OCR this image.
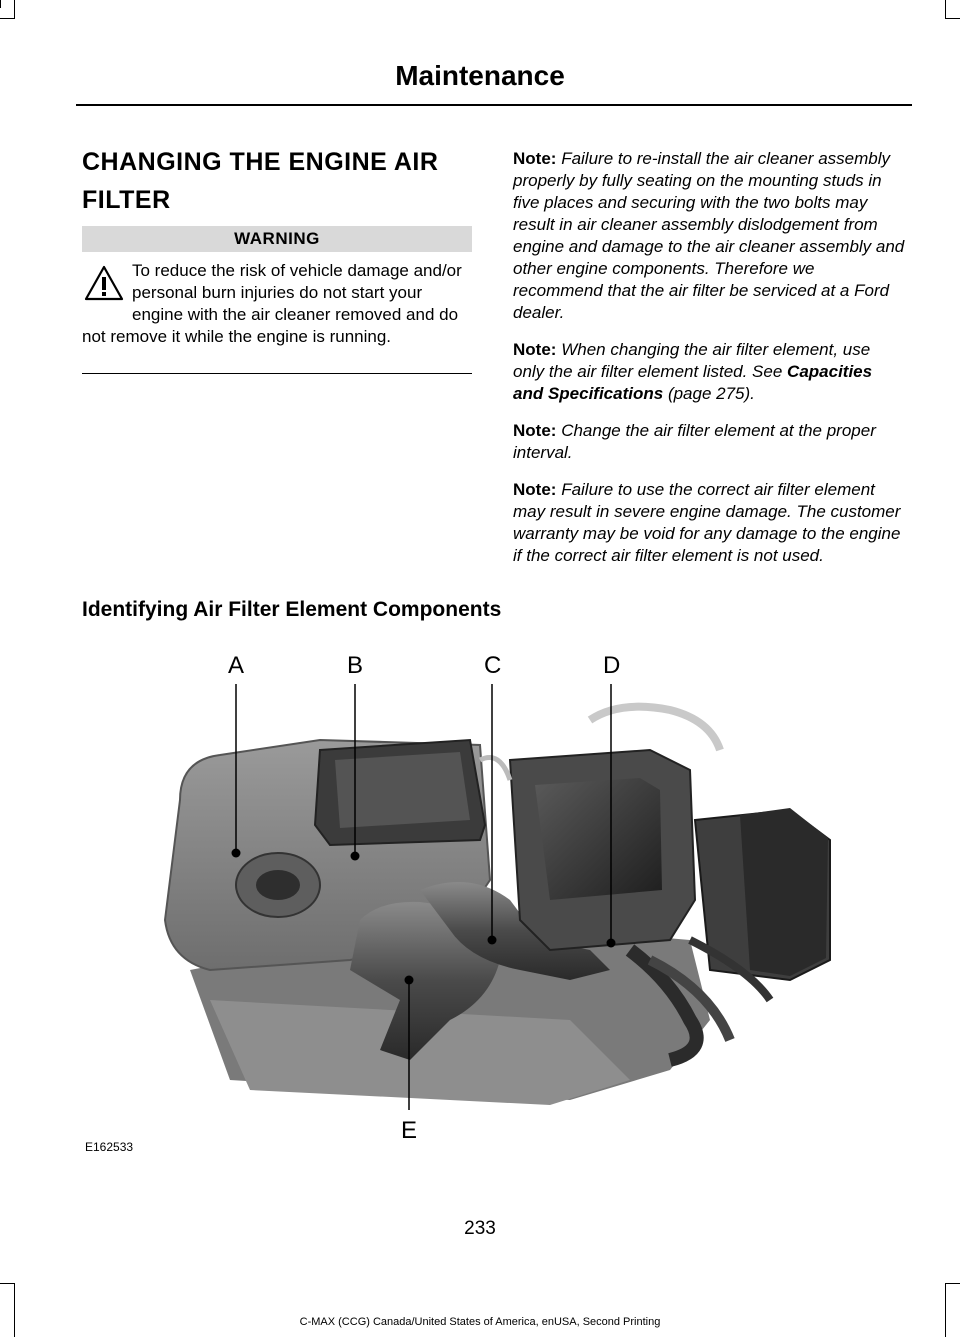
Maintenance
CHANGING THE ENGINE AIR FILTER
WARNING
To reduce the risk of vehicle damage and/or personal burn injuries do not start your engine with the air cleaner removed and do not remove it while the engine is running.

Note: Failure to re-install the air cleaner assembly properly by fully seating on the mounting studs in five places and securing with the two bolts may result in air cleaner assembly dislodgement from engine and damage to the air cleaner assembly and other engine components. Therefore we recommend that the air filter be serviced at a Ford dealer.

Note: When changing the air filter element, use only the air filter element listed. See Capacities and Specifications (page 275).

Note: Change the air filter element at the proper interval.

Note: Failure to use the correct air filter element may result in severe engine damage. The customer warranty may be void for any damage to the engine if the correct air filter element is not used.

Identifying Air Filter Element Components
A	B	C	D
E
E162533
233
C-MAX (CCG) Canada/United States of America, enUSA, Second Printing
